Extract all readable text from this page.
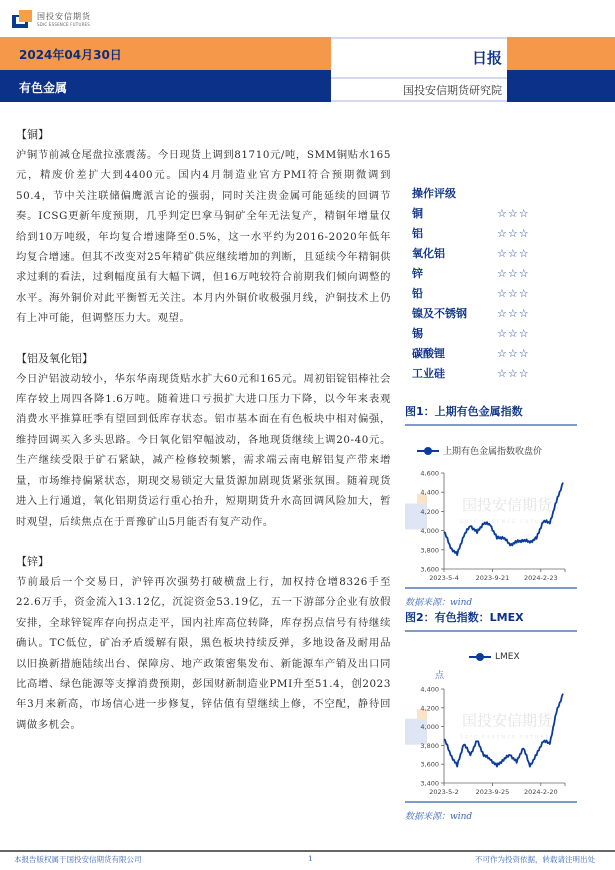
国投安信期货
SDIC ESSENCE FUTURES
2024年04月30日
有色金属
日报
国投安信期货研究院
【铜】

沪铜节前减仓尾盘拉涨震荡。今日现货上调到81710元/吨，SMM铜贴水165元，精废价差扩大到4400元。国内4月制造业官方PMI符合预期微调到50.4，节中关注联储偏鹰派言论的强弱，同时关注贵金属可能延续的回调节奏。ICSG更新年度预期，几乎判定巴拿马铜矿全年无法复产，精铜年增量仅给到10万吨级，年均复合增速降至0.5%，这一水平约为2016-2020年低年均复合增速。但其不改变对25年精矿供应继续增加的判断，且延续今年精铜供求过剩的看法，过剩幅度虽有大幅下调，但16万吨较符合前期我们倾向调整的水平。海外铜价对此平衡暂无关注。本月内外铜价收极强月线，沪铜技术上仍有上冲可能，但调整压力大。观望。

【铝及氧化铝】

今日沪铝波动较小，华东华南现货贴水扩大60元和165元。周初铝锭铝棒社会库存较上周四各降1.6万吨。随着进口亏损扩大进口压力下降，以今年来表观消费水平推算旺季有望回到低库存状态。铝市基本面在有色板块中相对偏强，维持回调买入多头思路。今日氧化铝窄幅波动，各地现货继续上调20-40元。生产继续受限于矿石紧缺，减产检修较频繁，需求端云南电解铝复产带来增量，市场维持偏紧状态，期现交易锁定大量货源加剧现货紧张氛围。随着现货进入上行通道，氧化铝期货运行重心抬升，短期期货升水高回调风险加大，暂时观望，后续焦点在于晋豫矿山5月能否有复产动作。

【锌】

节前最后一个交易日，沪锌再次强势打破横盘上行，加权持仓增8326手至22.6万手，资金流入13.12亿，沉淀资金53.19亿，五一下游部分企业有放假安排，全球锌锭库存向拐点走平，国内社库高位转降，库存拐点信号有待继续确认。TC低位，矿冶矛盾缓解有限，黑色板块持续反弹，多地设备及耐用品以旧换新措施陆续出台、保障房、地产政策密集发布、新能源车产销及出口同比高增、绿色能源等支撑消费预期，彭国财新制造业PMI升至51.4，创2023年3月来新高，市场信心进一步修复，锌估值有望继续上修，不空配，静待回调做多机会。

操作评级
铜	☆☆☆
铝	☆☆☆
氧化铝	☆☆☆
锌	☆☆☆
铅	☆☆☆
镍及不锈钢	☆☆☆
锡	☆☆☆
碳酸锂	☆☆☆
工业硅	☆☆☆
图1：上期有色金属指数
上期有色金属指数收盘价
国投安信期货
SDIC ESSENCE FUTURES
3,600
3,800
4,000
4,200
4,400
4,600
2023-5-4	2023-9-21 2024-2-23
数据来源：wind
图2：有色指数：LMEX
LMEX
点
国投安信期货
SDIC ESSENCE FUTURES
3,400
3,600
3,800
4,000
4,200
4,400
2023-5-2	2023-9-25 2024-2-20
数据来源：wind
本报告版权属于国投安信期货有限公司	1	不可作为投资依据，转载请注明出处
